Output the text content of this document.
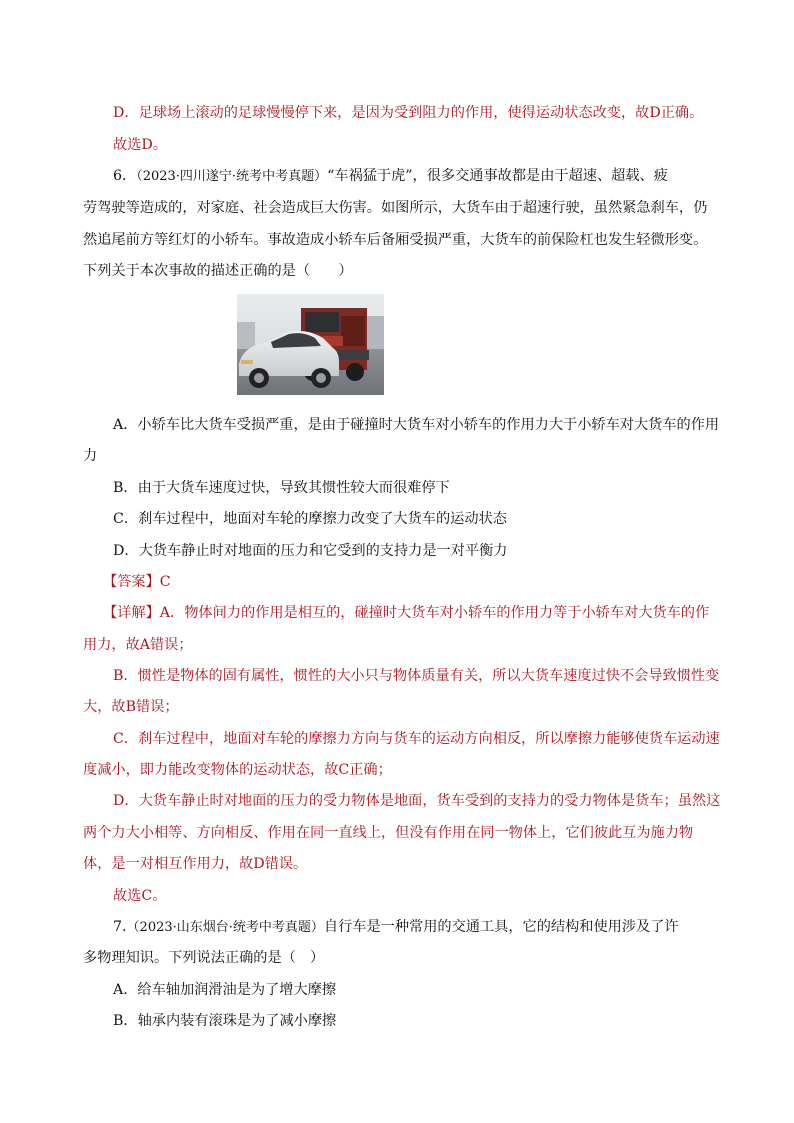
D．足球场上滚动的足球慢慢停下来，是因为受到阻力的作用，使得运动状态改变，故D正确。
故选D。
6．（2023·四川遂宁·统考中考真题）“车祸猛于虎”，很多交通事故都是由于超速、超载、疲
劳驾驶等造成的，对家庭、社会造成巨大伤害。如图所示，大货车由于超速行驶，虽然紧急刹车，仍
然追尾前方等红灯的小轿车。事故造成小轿车后备厢受损严重，大货车的前保险杠也发生轻微形变。
下列关于本次事故的描述正确的是（　　）
A．小轿车比大货车受损严重，是由于碰撞时大货车对小轿车的作用力大于小轿车对大货车的作用
力
B．由于大货车速度过快，导致其惯性较大而很难停下
C．刹车过程中，地面对车轮的摩擦力改变了大货车的运动状态
D．大货车静止时对地面的压力和它受到的支持力是一对平衡力
【答案】C
【详解】A．物体间力的作用是相互的，碰撞时大货车对小轿车的作用力等于小轿车对大货车的作
用力，故A错误；
B．惯性是物体的固有属性，惯性的大小只与物体质量有关，所以大货车速度过快不会导致惯性变
大，故B错误；
C．刹车过程中，地面对车轮的摩擦力方向与货车的运动方向相反，所以摩擦力能够使货车运动速
度减小，即力能改变物体的运动状态，故C正确；
D．大货车静止时对地面的压力的受力物体是地面，货车受到的支持力的受力物体是货车；虽然这
两个力大小相等、方向相反、作用在同一直线上，但没有作用在同一物体上，它们彼此互为施力物
体，是一对相互作用力，故D错误。
故选C。
7.（2023·山东烟台·统考中考真题）自行车是一种常用的交通工具，它的结构和使用涉及了许
多物理知识。下列说法正确的是（　）
A．给车轴加润滑油是为了增大摩擦
B．轴承内装有滚珠是为了减小摩擦
